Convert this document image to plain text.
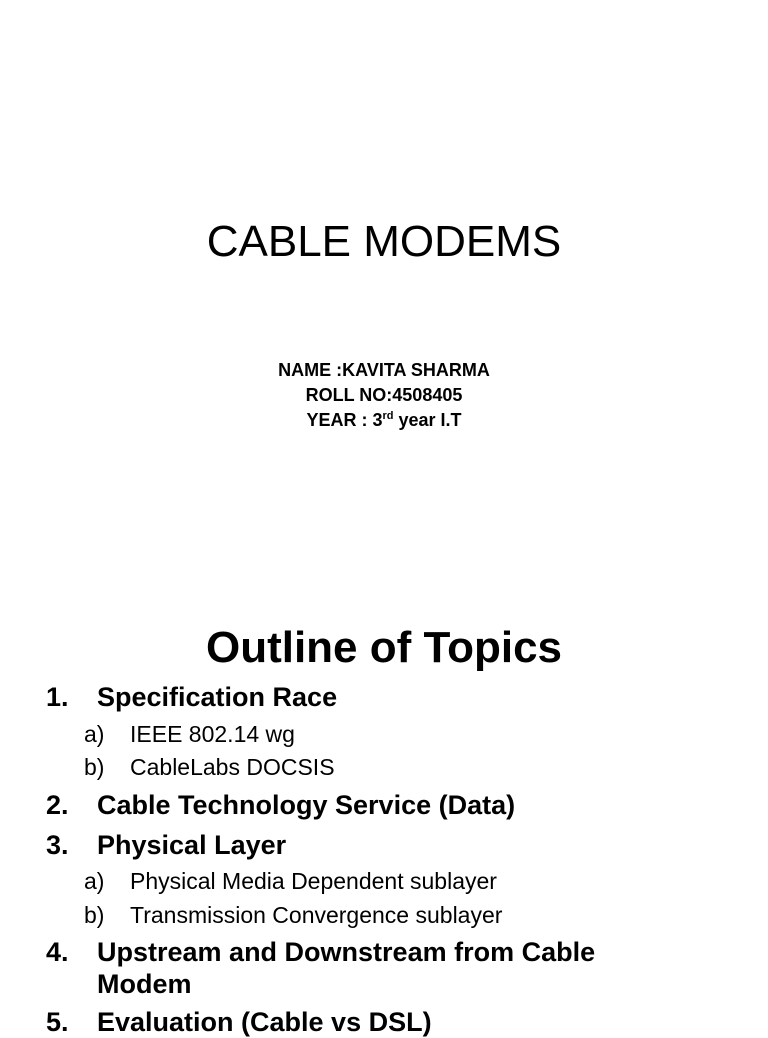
CABLE MODEMS
NAME :KAVITA SHARMA
ROLL NO:4508405
YEAR : 3rd year I.T
Outline of Topics
1. Specification Race
a) IEEE 802.14 wg
b) CableLabs DOCSIS
2. Cable Technology Service (Data)
3. Physical Layer
a) Physical Media Dependent sublayer
b) Transmission Convergence sublayer
4. Upstream and Downstream from Cable
Modem
5. Evaluation (Cable vs DSL)
